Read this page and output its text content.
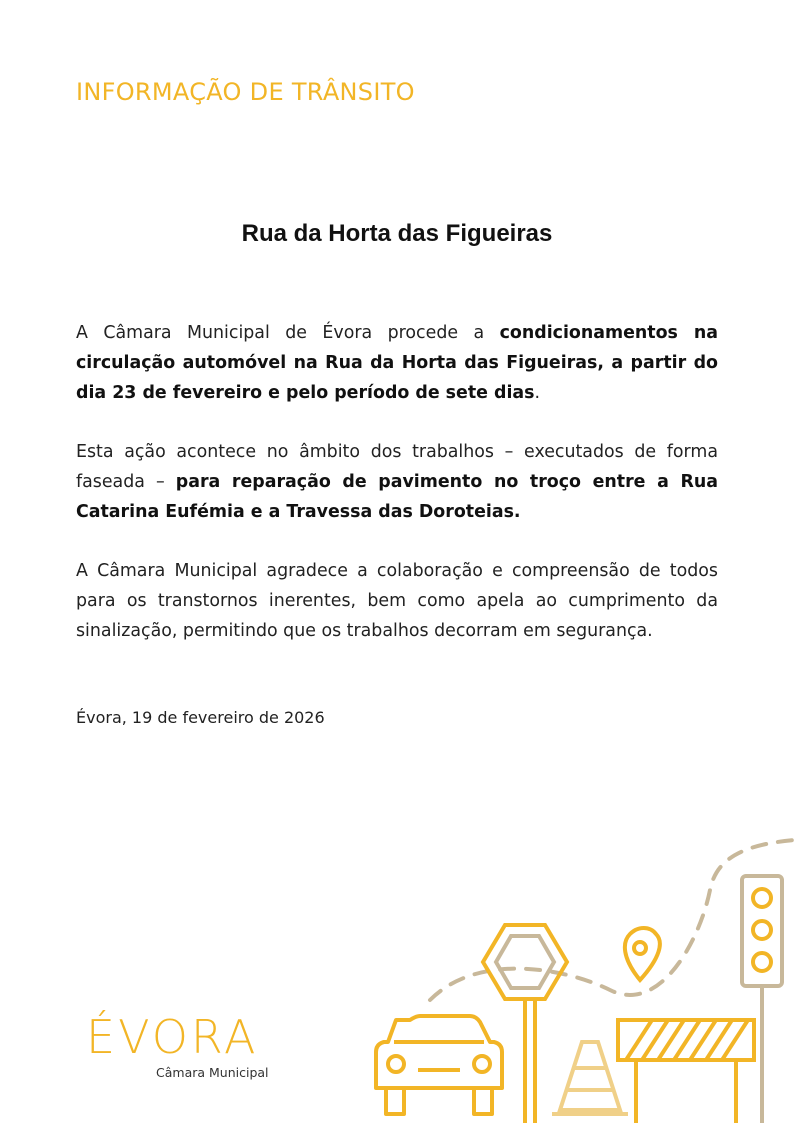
INFORMAÇÃO DE TRÂNSITO
Rua da Horta das Figueiras

A Câmara Municipal de Évora procede a condicionamentos na circulação automóvel na Rua da Horta das Figueiras, a partir do dia 23 de fevereiro e pelo período de sete dias.

Esta ação acontece no âmbito dos trabalhos – executados de forma faseada – para reparação de pavimento no troço entre a Rua Catarina Eufémia e a Travessa das Doroteias.

A Câmara Municipal agradece a colaboração e compreensão de todos para os transtornos inerentes, bem como apela ao cumprimento da sinalização, permitindo que os trabalhos decorram em segurança.

Évora, 19 de fevereiro de 2026
ÉVORA
Câmara Municipal
